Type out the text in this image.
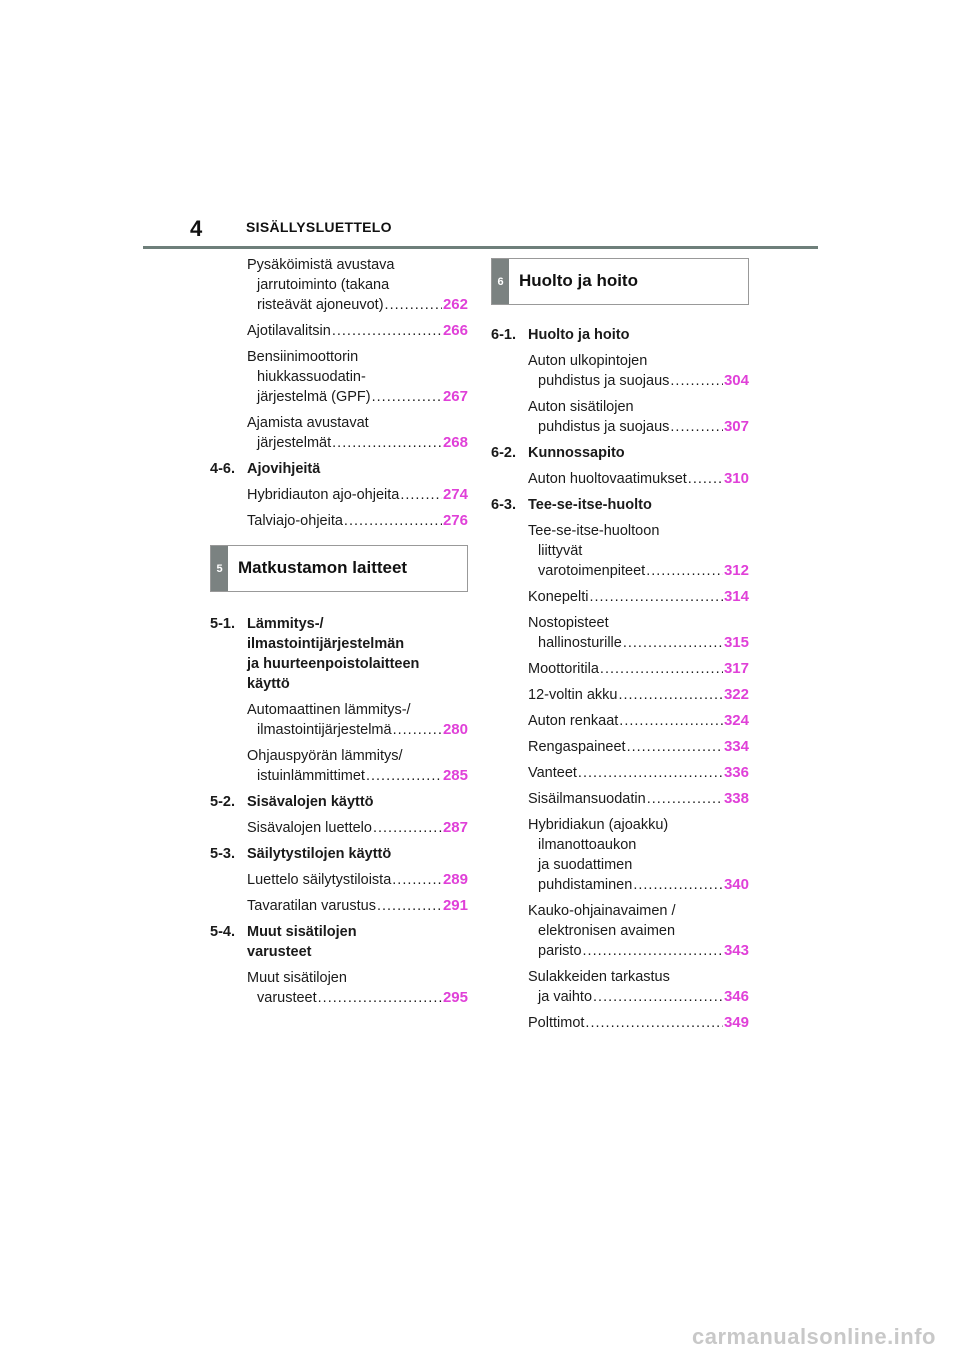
4	SISÄLLYSLUETTELO
Pysäköimistä avustava
jarrutoiminto (takana
risteävät ajoneuvot) .....	262
Ajotilavalitsin .....	266
Bensiinimoottorin
hiukkassuodatin-
järjestelmä (GPF) .....	267
Ajamista avustavat
järjestelmät .....	268
4-6. Ajovihjeitä
Hybridiauton ajo-ohjeita .....	274
Talviajo-ohjeita .....	276
5 Matkustamon laitteet
5-1. Lämmitys-/
ilmastointijärjestelmän
ja huurteenpoistolaitteen
käyttö
Automaattinen lämmitys-/
ilmastointijärjestelmä .....	280
Ohjauspyörän lämmitys/
istuinlämmittimet .....	285
5-2. Sisävalojen käyttö
Sisävalojen luettelo .....	287
5-3. Säilytystilojen käyttö
Luettelo säilytystiloista .....	289
Tavaratilan varustus .....	291
5-4. Muut sisätilojen
varusteet
Muut sisätilojen
varusteet .....	295
6 Huolto ja hoito
6-1. Huolto ja hoito
Auton ulkopintojen
puhdistus ja suojaus .....	304
Auton sisätilojen
puhdistus ja suojaus .....	307
6-2. Kunnossapito
Auton huoltovaatimukset ..... 310
6-3. Tee-se-itse-huolto
Tee-se-itse-huoltoon
liittyvät
varotoimenpiteet .....	312
Konepelti .....	314
Nostopisteet
hallinosturille .....	315
Moottoritila .....	317
12-voltin akku .....	322
Auton renkaat .....	324
Rengaspaineet .....	334
Vanteet .....	336
Sisäilmansuodatin .....	338
Hybridiakun (ajoakku)
ilmanottoaukon
ja suodattimen
puhdistaminen .....	340
Kauko-ohjainavaimen /
elektronisen avaimen
paristo .....	343
Sulakkeiden tarkastus
ja vaihto .....	346
Polttimot .....	349
carmanualsonline.info
